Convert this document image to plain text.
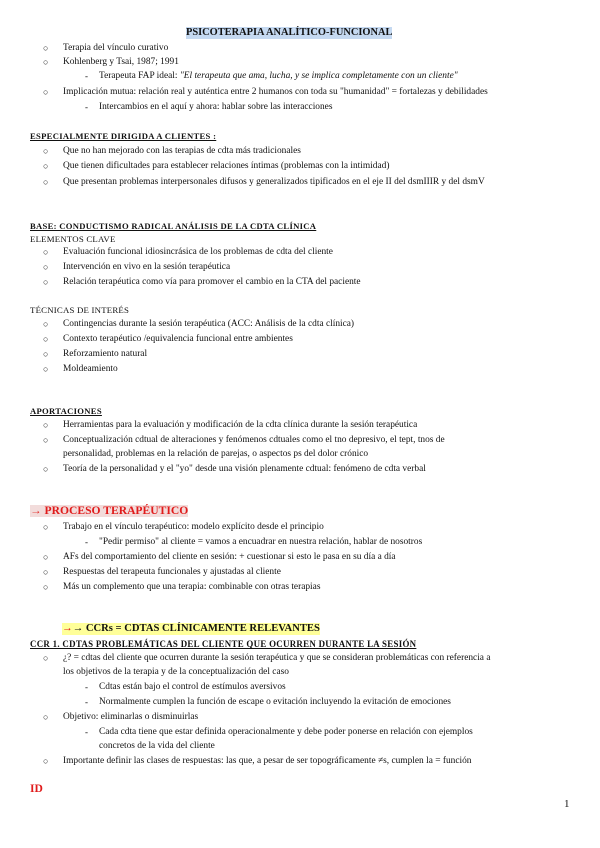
PSICOTERAPIA ANALÍTICO-FUNCIONAL
○ Terapia del vínculo curativo
○ Kohlenberg y Tsai, 1987; 1991
- Terapeuta FAP ideal: "El terapeuta que ama, lucha, y se implica completamente con un cliente"
○ Implicación mutua: relación real y auténtica entre 2 humanos con toda su "humanidad" = fortalezas y debilidades
- Intercambios en el aquí y ahora: hablar sobre las interacciones
ESPECIALMENTE DIRIGIDA A CLIENTES :
○ Que no han mejorado con las terapias de cdta más tradicionales
○ Que tienen dificultades para establecer relaciones íntimas (problemas con la intimidad)
○ Que presentan problemas interpersonales difusos y generalizados tipificados en el eje II del dsmIIIR y del dsmV
BASE: CONDUCTISMO RADICAL ANÁLISIS DE LA CDTA CLÍNICA
ELEMENTOS CLAVE
○ Evaluación funcional idiosincrásica de los problemas de cdta del cliente
○ Intervención en vivo en la sesión terapéutica
○ Relación terapéutica como vía para promover el cambio en la CTA del paciente
TÉCNICAS DE INTERÉS
○ Contingencias durante la sesión terapéutica (ACC: Análisis de la cdta clínica)
○ Contexto terapéutico /equivalencia funcional entre ambientes
○ Reforzamiento natural
○ Moldeamiento
APORTACIONES
○ Herramientas para la evaluación y modificación de la cdta clínica durante la sesión terapéutica
○ Conceptualización cdtual de alteraciones y fenómenos cdtuales como el tno depresivo, el tept, tnos de
personalidad, problemas en la relación de parejas, o aspectos ps del dolor crónico
○ Teoría de la personalidad y el "yo" desde una visión plenamente cdtual: fenómeno de cdta verbal
→ PROCESO TERAPÉUTICO
○ Trabajo en el vínculo terapéutico: modelo explícito desde el principio
- "Pedir permiso" al cliente = vamos a encuadrar en nuestra relación, hablar de nosotros
○ AFs del comportamiento del cliente en sesión: + cuestionar si esto le pasa en su día a día
○ Respuestas del terapeuta funcionales y ajustadas al cliente
○ Más un complemento que una terapia: combinable con otras terapias
→→ CCRs = CDTAS CLÍNICAMENTE RELEVANTES
CCR 1. CDTAS PROBLEMÁTICAS DEL CLIENTE QUE OCURREN DURANTE LA SESIÓN
○ ¿? = cdtas del cliente que ocurren durante la sesión terapéutica y que se consideran problemáticas con referencia a
los objetivos de la terapia y de la conceptualización del caso
- Cdtas están bajo el control de estímulos aversivos
- Normalmente cumplen la función de escape o evitación incluyendo la evitación de emociones
○ Objetivo: eliminarlas o disminuirlas
- Cada cdta tiene que estar definida operacionalmente y debe poder ponerse en relación con ejemplos
concretos de la vida del cliente
○ Importante definir las clases de respuestas: las que, a pesar de ser topográficamente ≠s, cumplen la = función
ID
1
